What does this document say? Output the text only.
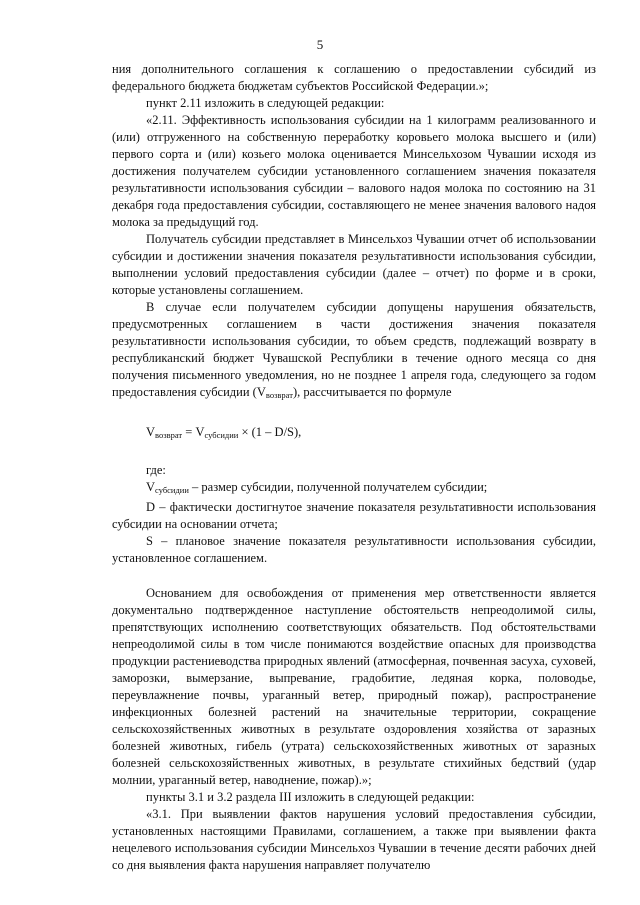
5

ния дополнительного соглашения к соглашению о предоставлении субсидий из федерального бюджета бюджетам субъектов Российской Федерации.»;

пункт 2.11 изложить в следующей редакции:

«2.11. Эффективность использования субсидии на 1 килограмм реализованного и (или) отгруженного на собственную переработку коровьего молока высшего и (или) первого сорта и (или) козьего молока оценивается Минсельхозом Чувашии исходя из достижения получателем субсидии установленного соглашением значения показателя результативности использования субсидии – валового надоя молока по состоянию на 31 декабря года предоставления субсидии, составляющего не менее значения валового надоя молока за предыдущий год.

Получатель субсидии представляет в Минсельхоз Чувашии отчет об использовании субсидии и достижении значения показателя результативности использования субсидии, выполнении условий предоставления субсидии (далее – отчет) по форме и в сроки, которые установлены соглашением.

В случае если получателем субсидии допущены нарушения обязательств, предусмотренных соглашением в части достижения значения показателя результативности использования субсидии, то объем средств, подлежащий возврату в республиканский бюджет Чувашской Республики в течение одного месяца со дня получения письменного уведомления, но не позднее 1 апреля года, следующего за годом предоставления субсидии $(V_{возврат})$, рассчитывается по формуле

$V_{возврат} = V_{субсидии} \times (1 - D/S)$,

где:

$V_{субсидии}$ – размер субсидии, полученной получателем субсидии;

D – фактически достигнутое значение показателя результативности использования субсидии на основании отчета;

S – плановое значение показателя результативности использования субсидии, установленное соглашением.

Основанием для освобождения от применения мер ответственности является документально подтвержденное наступление обстоятельств непреодолимой силы, препятствующих исполнению соответствующих обязательств. Под обстоятельствами непреодолимой силы в том числе понимаются воздействие опасных для производства продукции растениеводства природных явлений (атмосферная, почвенная засуха, суховей, заморозки, вымерзание, выпревание, градобитие, ледяная корка, половодье, переувлажнение почвы, ураганный ветер, природный пожар), распространение инфекционных болезней растений на значительные территории, сокращение сельскохозяйственных животных в результате оздоровления хозяйства от заразных болезней животных, гибель (утрата) сельскохозяйственных животных от заразных болезней сельскохозяйственных животных, в результате стихийных бедствий (удар молнии, ураганный ветер, наводнение, пожар).»;

пункты 3.1 и 3.2 раздела III изложить в следующей редакции:

«3.1. При выявлении фактов нарушения условий предоставления субсидии, установленных настоящими Правилами, соглашением, а также при выявлении факта нецелевого использования субсидии Минсельхоз Чувашии в течение десяти рабочих дней со дня выявления факта нарушения направляет получателю
